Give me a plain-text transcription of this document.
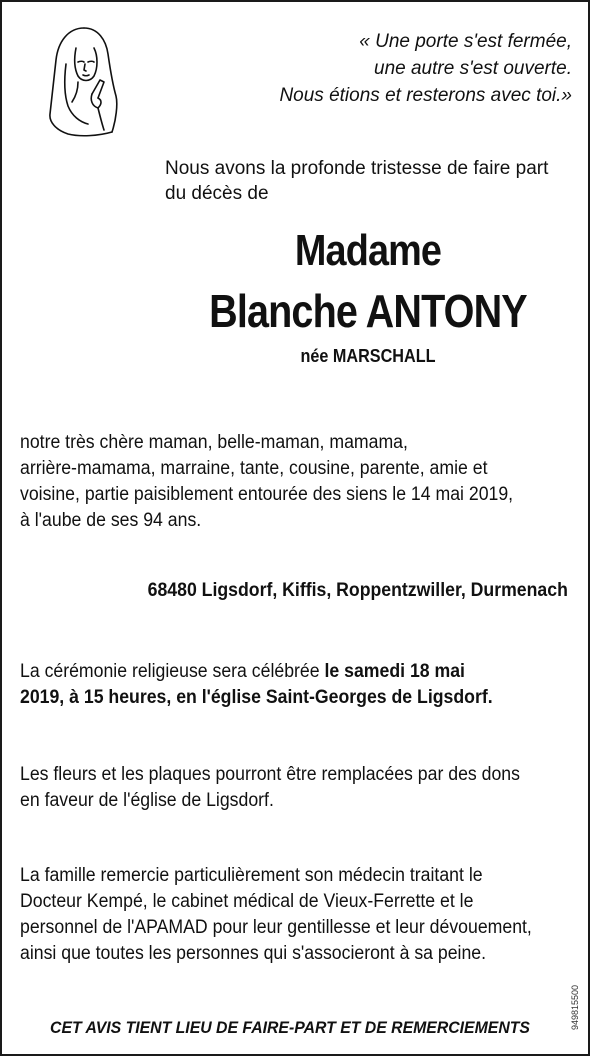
« Une porte s'est fermée,
une autre s'est ouverte.
Nous étions et resterons avec toi.»
Nous avons la profonde tristesse de faire part
du décès de
Madame
Blanche ANTONY
née MARSCHALL
notre très chère maman, belle-maman, mamama,
arrière-mamama, marraine, tante, cousine, parente, amie et
voisine, partie paisiblement entourée des siens le 14 mai 2019,
à l'aube de ses 94 ans.
68480 Ligsdorf, Kiffis, Roppentzwiller, Durmenach
La cérémonie religieuse sera célébrée le samedi 18 mai
2019, à 15 heures, en l'église Saint-Georges de Ligsdorf.
Les fleurs et les plaques pourront être remplacées par des dons
en faveur de l'église de Ligsdorf.
La famille remercie particulièrement son médecin traitant le
Docteur Kempé, le cabinet médical de Vieux-Ferrette et le
personnel de l'APAMAD pour leur gentillesse et leur dévouement,
ainsi que toutes les personnes qui s'associeront à sa peine.
CET AVIS TIENT LIEU DE FAIRE-PART ET DE REMERCIEMENTS	949815500
